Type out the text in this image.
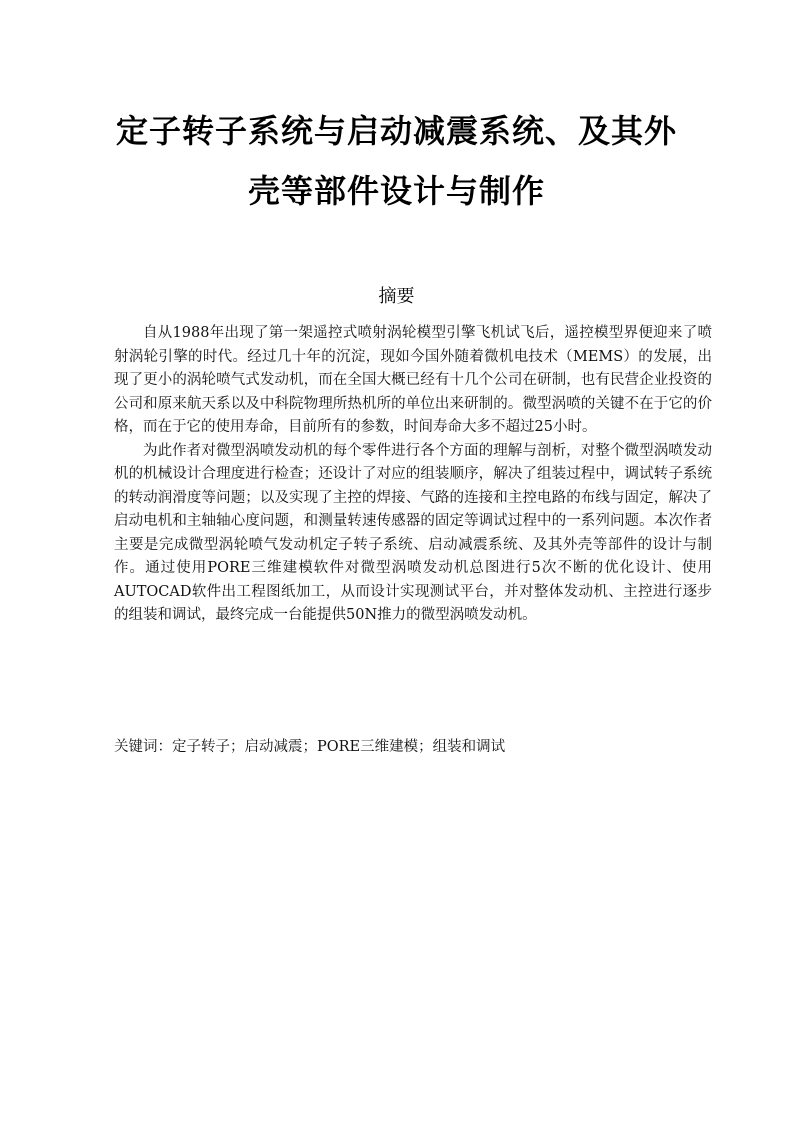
定子转子系统与启动减震系统、及其外
壳等部件设计与制作
摘要

自从1988年出现了第一架遥控式喷射涡轮模型引擎飞机试飞后，遥控模型界便迎来了喷射涡轮引擎的时代。经过几十年的沉淀，现如今国外随着微机电技术（MEMS）的发展，出现了更小的涡轮喷气式发动机，而在全国大概已经有十几个公司在研制，也有民营企业投资的公司和原来航天系以及中科院物理所热机所的单位出来研制的。微型涡喷的关键不在于它的价格，而在于它的使用寿命，目前所有的参数，时间寿命大多不超过25小时。

为此作者对微型涡喷发动机的每个零件进行各个方面的理解与剖析，对整个微型涡喷发动机的机械设计合理度进行检查；还设计了对应的组装顺序，解决了组装过程中，调试转子系统的转动润滑度等问题；以及实现了主控的焊接、气路的连接和主控电路的布线与固定，解决了启动电机和主轴轴心度问题，和测量转速传感器的固定等调试过程中的一系列问题。本次作者主要是完成微型涡轮喷气发动机定子转子系统、启动减震系统、及其外壳等部件的设计与制作。通过使用PORE三维建模软件对微型涡喷发动机总图进行5次不断的优化设计、使用AUTOCAD软件出工程图纸加工，从而设计实现测试平台，并对整体发动机、主控进行逐步的组装和调试，最终完成一台能提供50N推力的微型涡喷发动机。

关键词：定子转子；启动减震；PORE三维建模；组装和调试
